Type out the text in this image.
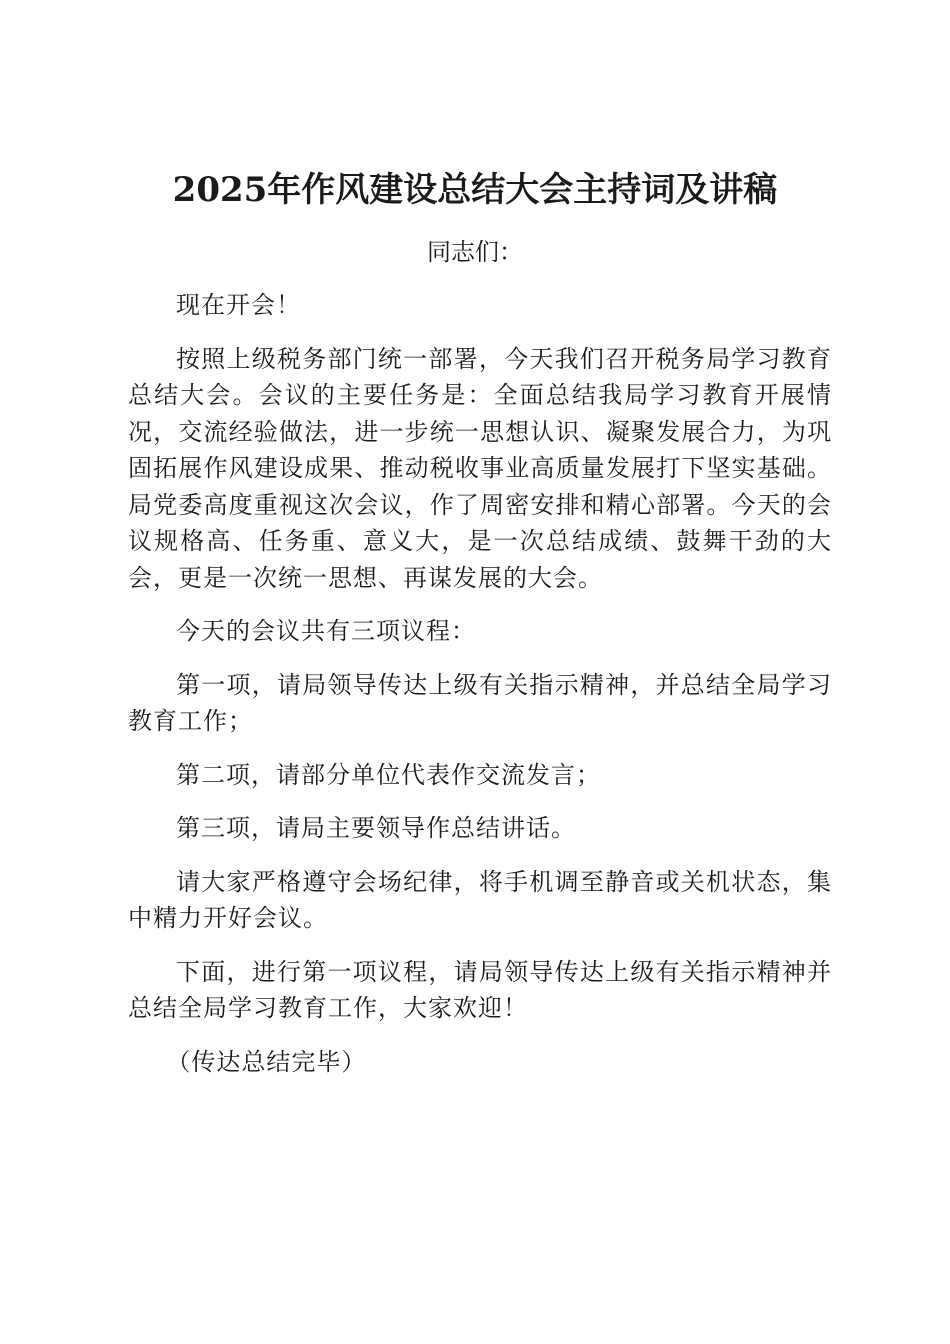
2025年作风建设总结大会主持词及讲稿
同志们：

现在开会！

按照上级税务部门统一部署，今天我们召开税务局学习教育总结大会。会议的主要任务是：全面总结我局学习教育开展情况，交流经验做法，进一步统一思想认识、凝聚发展合力，为巩固拓展作风建设成果、推动税收事业高质量发展打下坚实基础。局党委高度重视这次会议，作了周密安排和精心部署。今天的会议规格高、任务重、意义大，是一次总结成绩、鼓舞干劲的大会，更是一次统一思想、再谋发展的大会。

今天的会议共有三项议程：

第一项，请局领导传达上级有关指示精神，并总结全局学习教育工作；

第二项，请部分单位代表作交流发言；

第三项，请局主要领导作总结讲话。

请大家严格遵守会场纪律，将手机调至静音或关机状态，集中精力开好会议。

下面，进行第一项议程，请局领导传达上级有关指示精神并总结全局学习教育工作，大家欢迎！

（传达总结完毕）
